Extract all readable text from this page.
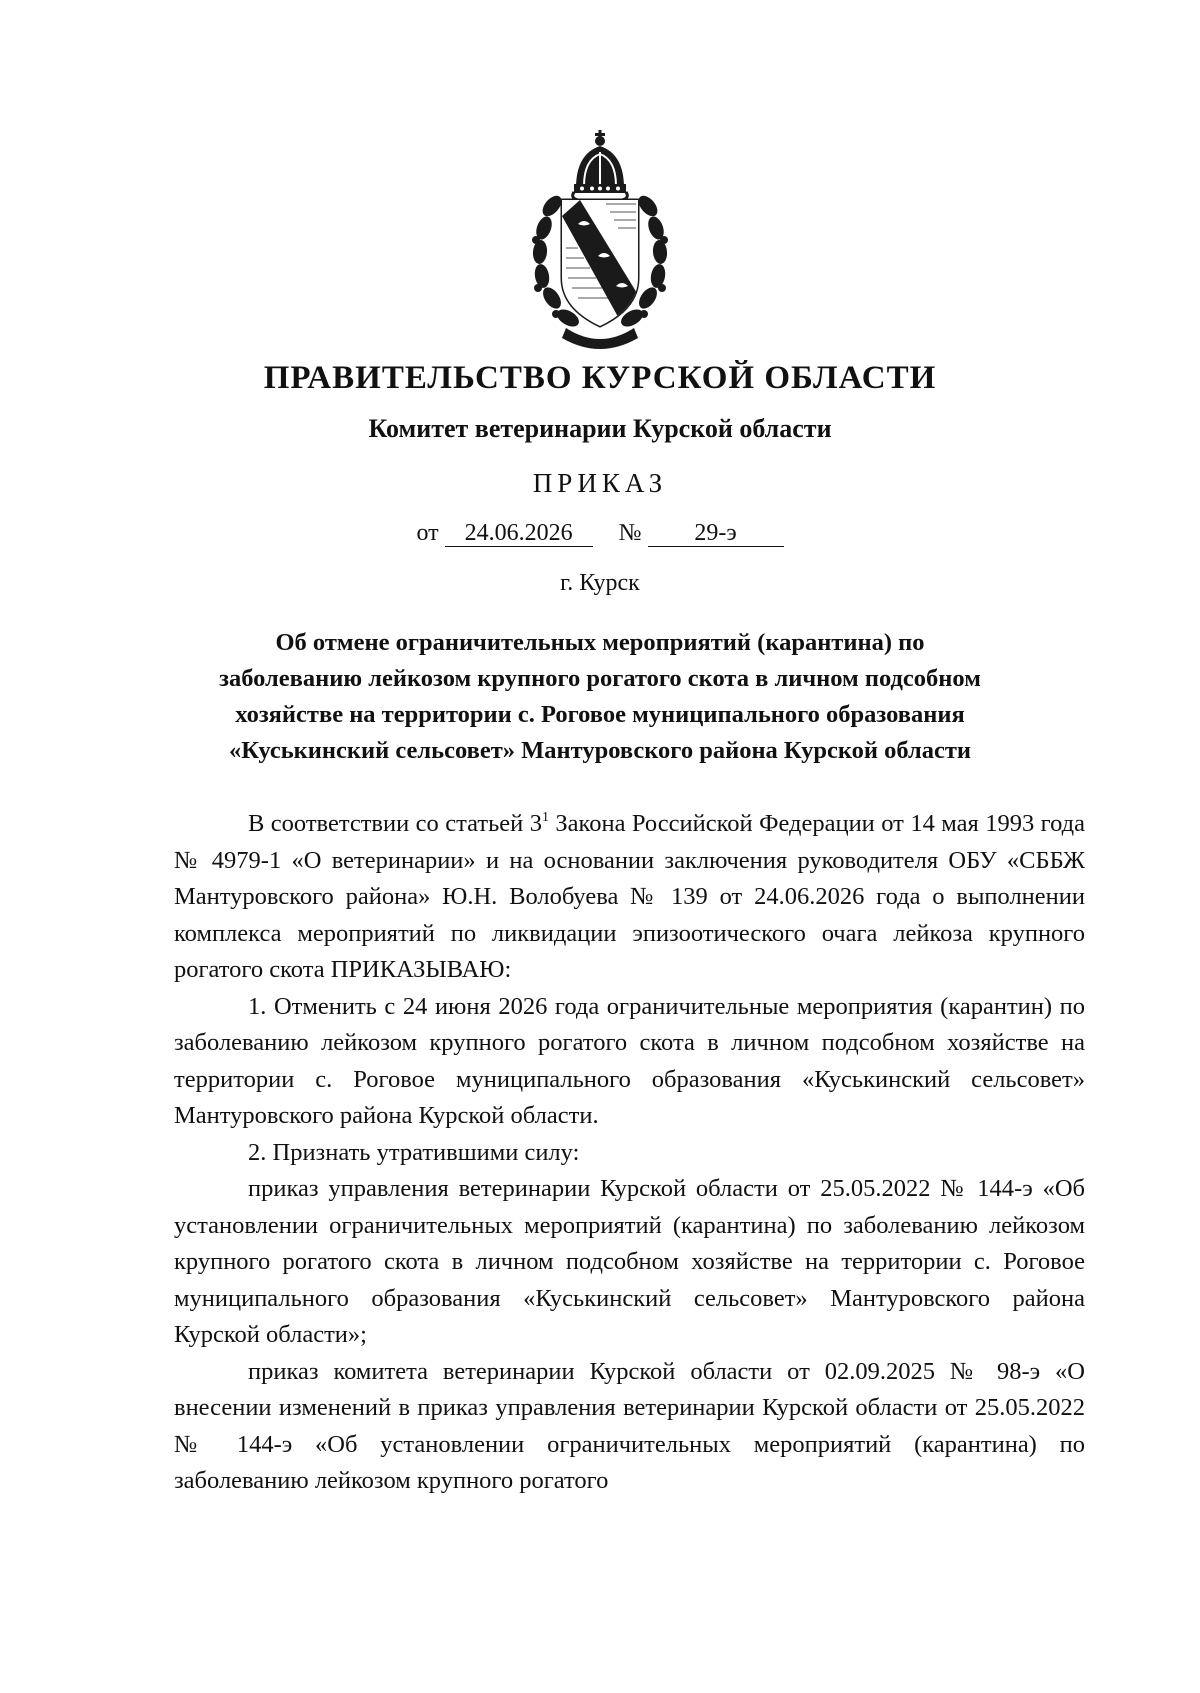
ПРАВИТЕЛЬСТВО КУРСКОЙ ОБЛАСТИ
Комитет ветеринарии Курской области
ПРИКАЗ
от 24.06.2026 № 29-э
г. Курск
Об отмене ограничительных мероприятий (карантина) по
заболеванию лейкозом крупного рогатого скота в личном подсобном
хозяйстве на территории с. Роговое муниципального образования
«Куськинский сельсовет» Мантуровского района Курской области

В соответствии со статьей $3^1$ Закона Российской Федерации от 14 мая 1993 года № 4979-1 «О ветеринарии» и на основании заключения руководителя ОБУ «СББЖ Мантуровского района» Ю.Н. Волобуева № 139 от 24.06.2026 года о выполнении комплекса мероприятий по ликвидации эпизоотического очага лейкоза крупного рогатого скота ПРИКАЗЫВАЮ:

1. Отменить с 24 июня 2026 года ограничительные мероприятия (карантин) по заболеванию лейкозом крупного рогатого скота в личном подсобном хозяйстве на территории с. Роговое муниципального образования «Куськинский сельсовет» Мантуровского района Курской области.

2. Признать утратившими силу:

приказ управления ветеринарии Курской области от 25.05.2022 № 144-э «Об установлении ограничительных мероприятий (карантина) по заболеванию лейкозом крупного рогатого скота в личном подсобном хозяйстве на территории с. Роговое муниципального образования «Куськинский сельсовет» Мантуровского района Курской области»;

приказ комитета ветеринарии Курской области от 02.09.2025 № 98-э «О внесении изменений в приказ управления ветеринарии Курской области от 25.05.2022 № 144-э «Об установлении ограничительных мероприятий (карантина) по заболеванию лейкозом крупного рогатого
